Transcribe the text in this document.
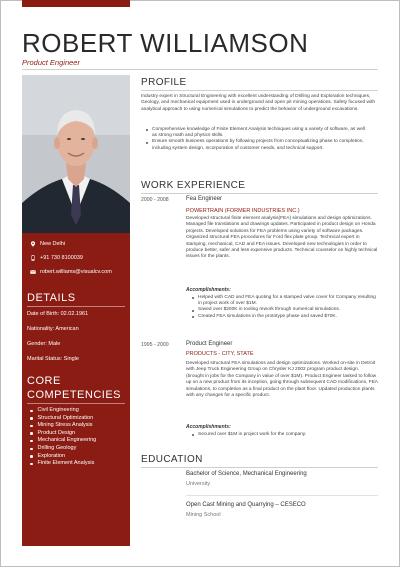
ROBERT WILLIAMSON
Product Engineer
New Delhi
+91 730 8100039
robert.williams@visualcv.com
DETAILS
Date of Birth: 02.02.1961
Nationality: American
Gender: Male
Marital Status: Single
CORE
COMPETENCIES
Civil Engineering
Structural Optimization
Mining Stress Analysis
Product Design
Mechanical Engineering
Drilling Geology
Exploration
Finite Element Analysis
PROFILE

Industry expert in Structural Engineering with excellent understanding of Drilling and Exploration techniques, Geology, and mechanical equipment used in underground and open pit mining operations. Safety focused with analytical approach to using numerical simulations to predict the behavior of underground excavations.

Comprehensive knowledge of Finite Element Analysis techniques using a variety of software, as well as strong math and physics skills.
Ensure smooth business operations by following projects from conceptualizing phase to completion, including system design, incorporation of customer needs, and technical support.
WORK EXPERIENCE
2000 - 2008	Fea Engineer
POWERTRAIN (FORMER INDUSTRIES INC.)

Developed structural finite element analysis(FEA) simulations and design optimizations. Managed file translations and drawings updates. Participated in product design on Honda projects. Developed solutions for FEA problems using variety of software packages. Organized structural FEA procedures for Ford flex plate group. Technical expert in stamping, mechanical, CAD and FEA issues. Developed new technologies in order to produce better, safer and less expensive products. Technical counselor on highly technical issues for the plants.

Accomplishments:
Helped with CAD and FEA quoting for a stamped valve cover for Company resulting in project work of over $1M.
Saved over $200K in tooling rework through numerical simulations.
Created FEA simulations in the prototype phase and saved $70K.
1995 - 2000	Product Engineer
PRODUCTS - CITY, STATE

Developed structural FEA simulations and design optimizations. Worked on-site in Detroit with Jeep Truck Engineering Group on Chrysler KJ 2002 program product design. (brought in jobs for the Company in value of over $1M). Product Engineer tasked to follow up on a new product from its inception, going through subsequent CAD modifications, FEA simulations, to completion as a final product on the plant floor. Updated production plants with any changes for a specific product.

Accomplishments:
Secured over $1M in project work for the company.
EDUCATION
Bachelor of Science, Mechanical Engineering
University
Open Cast Mining and Quarrying – CESECO
Mining School
